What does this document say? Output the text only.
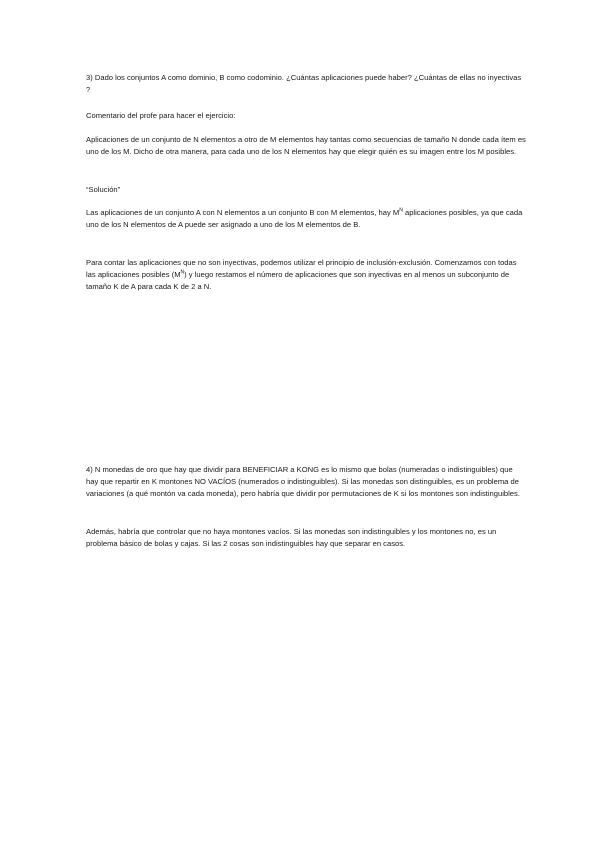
3) Dado los conjuntos A como dominio, B como codominio. ¿Cuántas aplicaciones puede haber? ¿Cuántas de ellas no inyectivas ?

Comentario del profe para hacer el ejercicio:

Aplicaciones de un conjunto de N elementos a otro de M elementos hay tantas como secuencias de tamaño N donde cada ítem es uno de los M. Dicho de otra manera, para cada uno de los N elementos hay que elegir quién es su imagen entre los M posibles.

“Solución”

Las aplicaciones de un conjunto A con N elementos a un conjunto B con M elementos, hay $M^N$ aplicaciones posibles, ya que cada uno de los N elementos de A puede ser asignado a uno de los M elementos de B.

Para contar las aplicaciones que no son inyectivas, podemos utilizar el principio de inclusión-exclusión. Comenzamos con todas las aplicaciones posibles $(M^N)$ y luego restamos el número de aplicaciones que son inyectivas en al menos un subconjunto de tamaño K de A para cada K de 2 a N.

4) N monedas de oro que hay que dividir para BENEFICIAR a KONG es lo mismo que bolas (numeradas o indistinguibles) que hay que repartir en K montones NO VACÍOS (numerados o indistinguibles). Si las monedas son distinguibles, es un problema de variaciones (a qué montón va cada moneda), pero habría que dividir por permutaciones de K si los montones son indistinguibles.

Además, habría que controlar que no haya montones vacíos. Si las monedas son indistinguibles y los montones no, es un problema básico de bolas y cajas. Si las 2 cosas son indistinguibles hay que separar en casos.
